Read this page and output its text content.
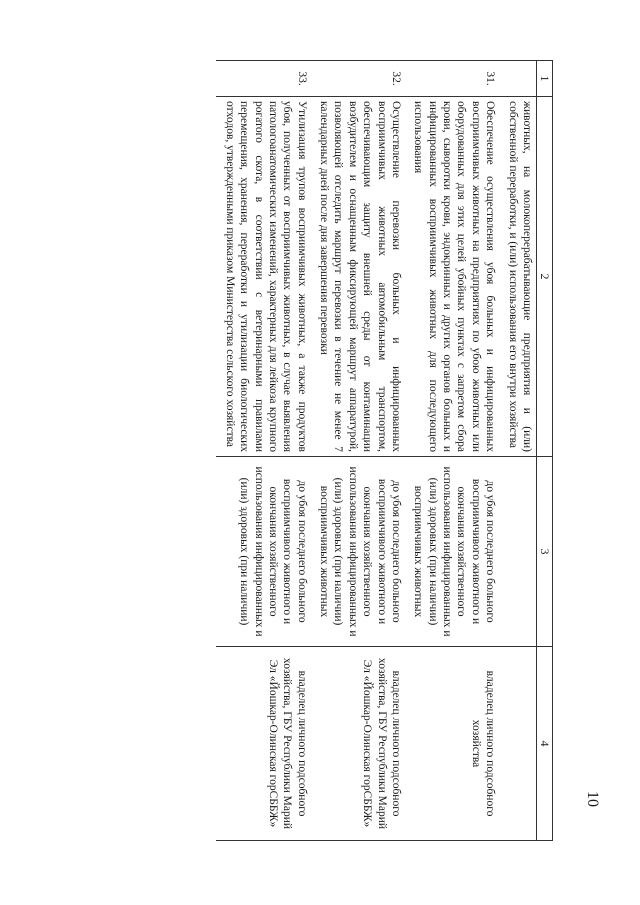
10
1	2	3	4
	животных, на молокоперерабатывающие предприятия и (или) собственной переработки, и (или) использования его внутри хозяйства		
31.	Обеспечение осуществления убоя больных и инфицированных восприимчивых животных на предприятиях по убою животных или оборудованных для этих целей убойных пунктах с запретом сбора крови, сыворотки крови, эндокринных и других органов больных и инфицированных восприимчивых животных для последующего использования	до убоя последнего больного восприимчивого животного и окончания хозяйственного использования инфицированных и (или) здоровых (при наличии) восприимчивых животных	владелец личного подсобного хозяйства
32.	Осуществление перевозки больных и инфицированных восприимчивых животных автомобильным транспортом, обеспечивающим защиту внешней среды от контаминации возбудителем и оснащенным фиксирующей маршрут аппаратурой, позволяющей отследить маршрут перевозки в течение не менее 7 календарных дней после дня завершения перевозки	до убоя последнего больного восприимчивого животного и окончания хозяйственного использования инфицированных и (или) здоровых (при наличии) восприимчивых животных	владелец личного подсобного хозяйства, ГБУ Республики Марий Эл «Йошкар-Олинская горСББЖ»
33.	Утилизация трупов восприимчивых животных, а также продуктов убоя, полученных от восприимчивых животных, в случае выявления патологоанатомических изменений, характерных для лейкоза крупного рогатого скота, в соответствии с ветеринарными правилами перемещения, хранения, переработки и утилизации биологических отходов, утвержденными приказом Министерства сельского хозяйства	до убоя последнего больного восприимчивого животного и окончания хозяйственного использования инфицированных и (или) здоровых (при наличии)	владелец личного подсобного хозяйства, ГБУ Республики Марий Эл «Йошкар-Олинская горСББЖ»
